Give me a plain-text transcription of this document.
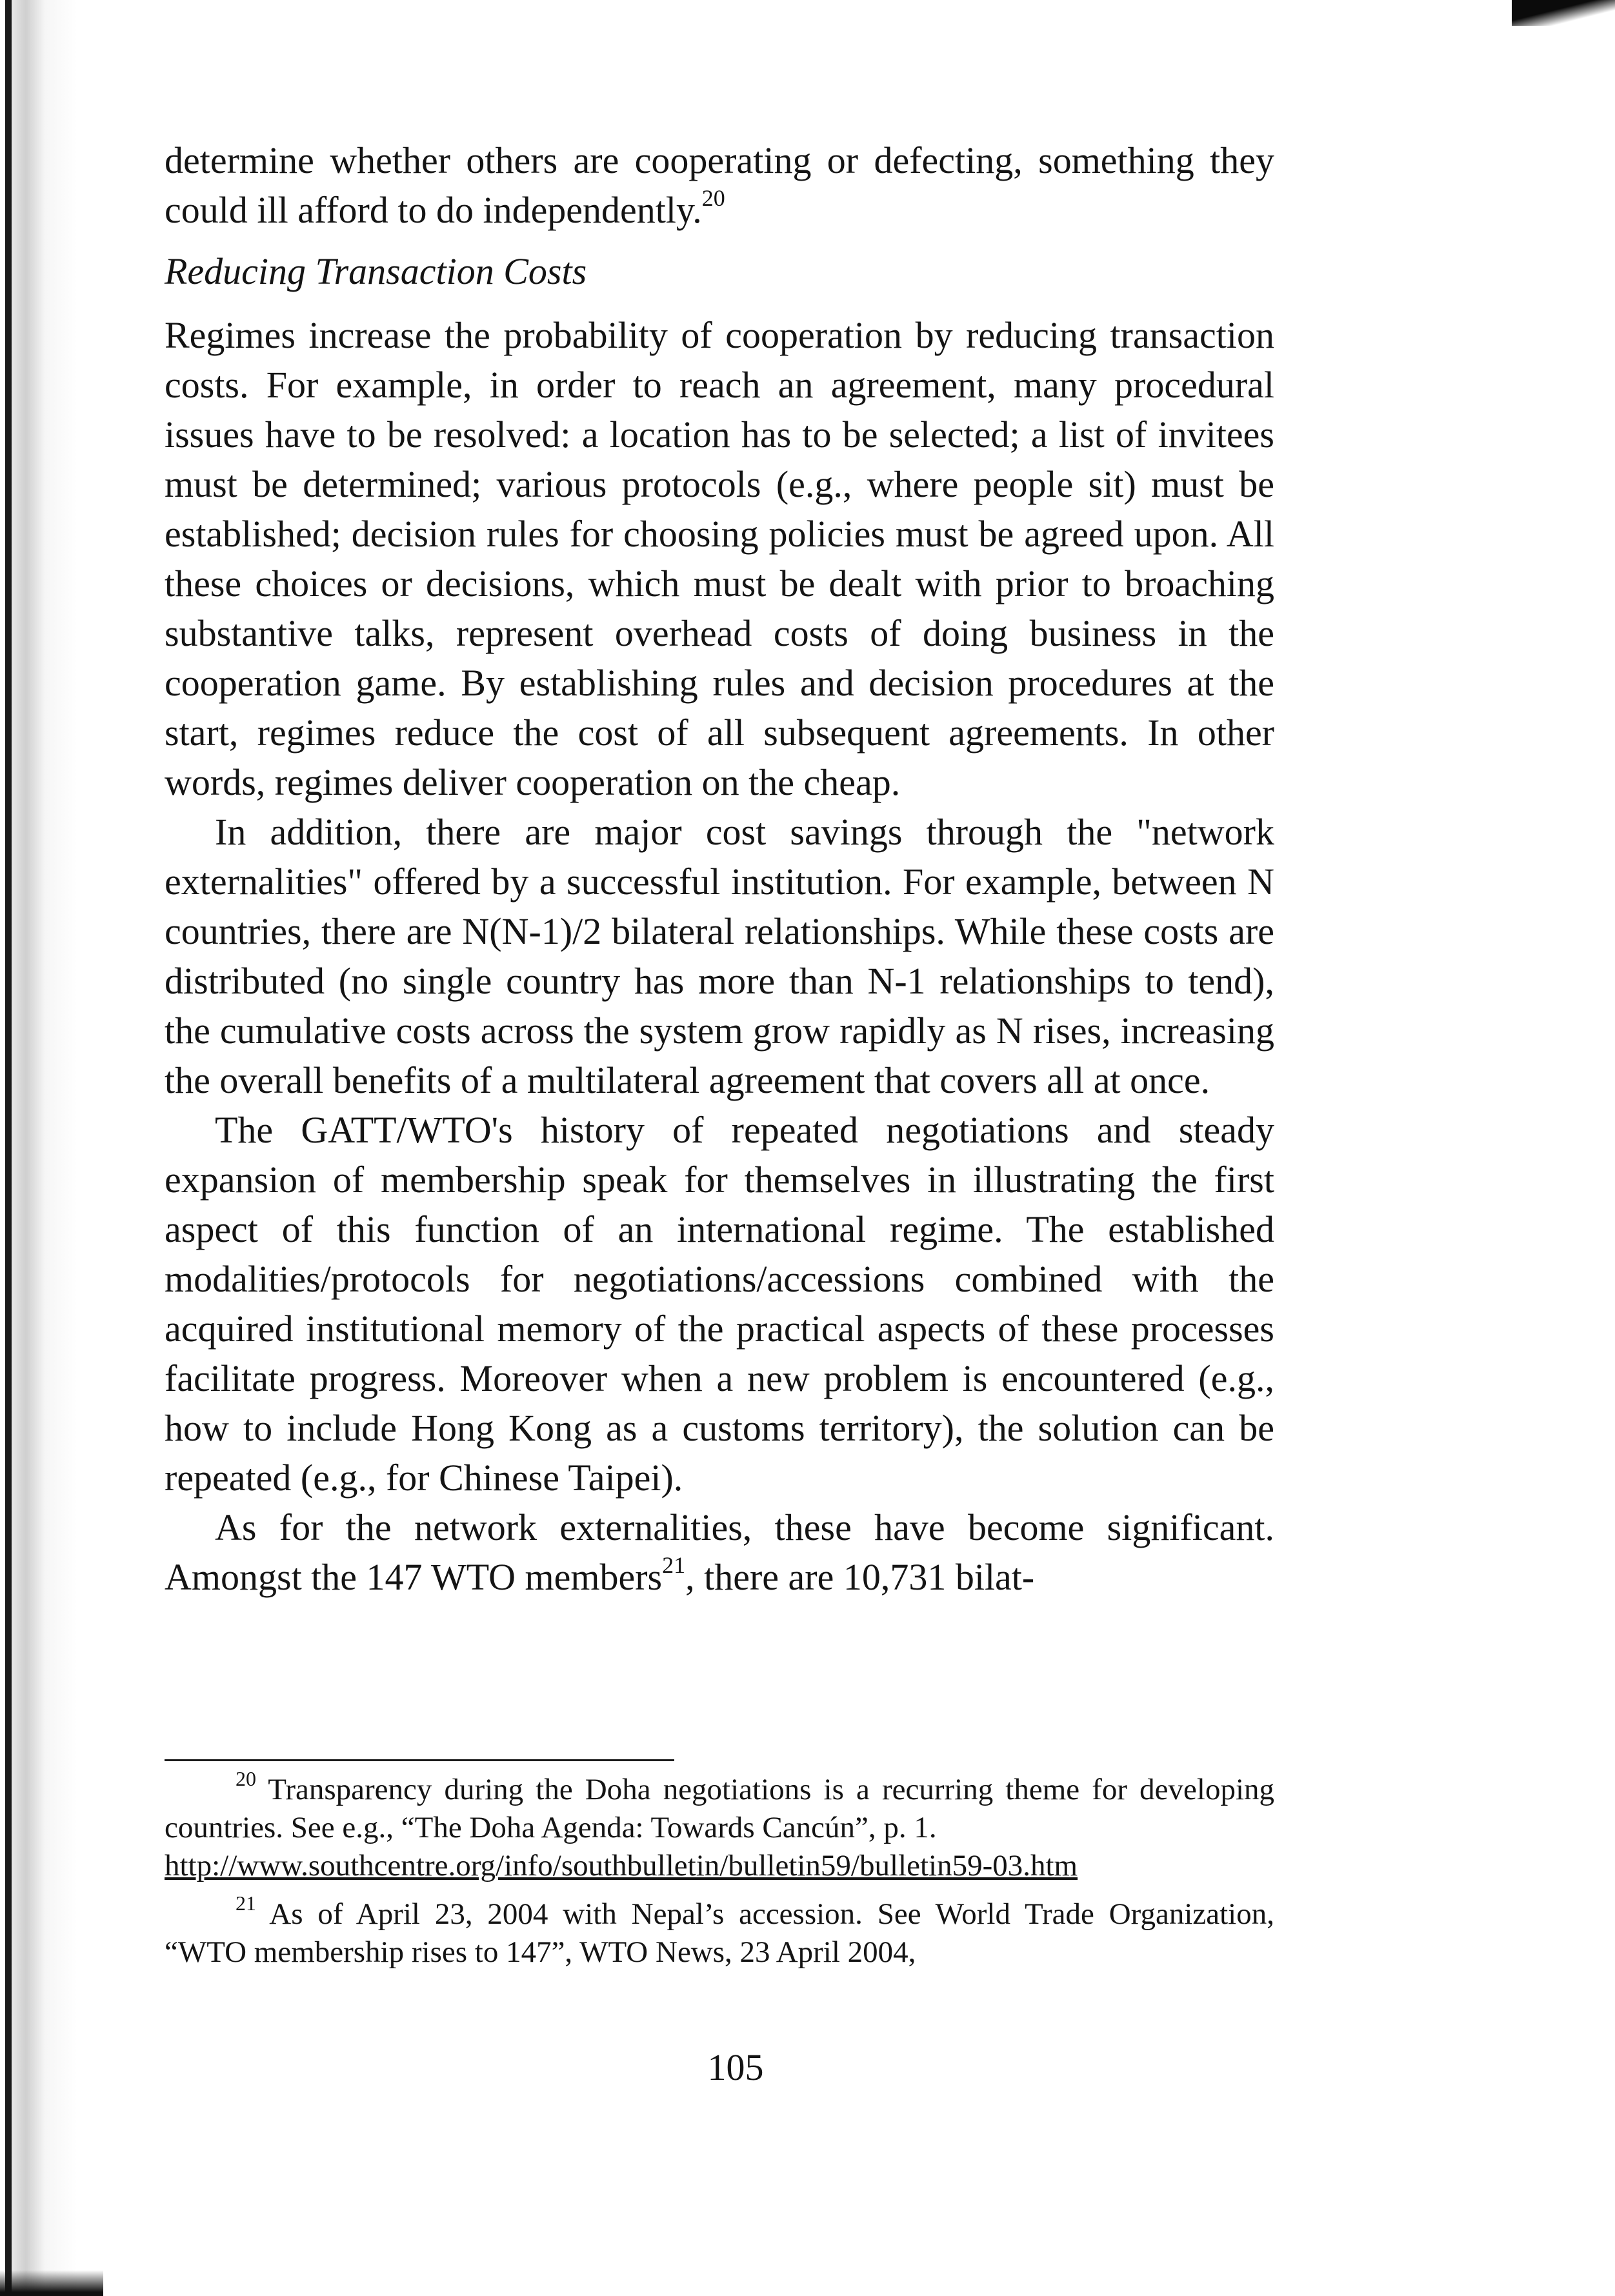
determine whether others are cooperating or defecting, something they could ill afford to do independently.$^{20}$

Reducing Transaction Costs

Regimes increase the probability of cooperation by reducing transaction costs. For example, in order to reach an agreement, many procedural issues have to be resolved: a location has to be selected; a list of invitees must be determined; various protocols (e.g., where people sit) must be established; decision rules for choosing policies must be agreed upon. All these choices or decisions, which must be dealt with prior to broaching substantive talks, represent overhead costs of doing business in the cooperation game. By establishing rules and decision procedures at the start, regimes reduce the cost of all subsequent agreements. In other words, regimes deliver cooperation on the cheap.

In addition, there are major cost savings through the "network externalities" offered by a successful institution. For example, between N countries, there are N(N-1)/2 bilateral relationships. While these costs are distributed (no single country has more than N-1 relationships to tend), the cumulative costs across the system grow rapidly as N rises, increasing the overall benefits of a multilateral agreement that covers all at once.

The GATT/WTO's history of repeated negotiations and steady expansion of membership speak for themselves in illustrating the first aspect of this function of an international regime. The established modalities/protocols for negotiations/accessions combined with the acquired institutional memory of the practical aspects of these processes facilitate progress. Moreover when a new problem is encountered (e.g., how to include Hong Kong as a customs territory), the solution can be repeated (e.g., for Chinese Taipei).

As for the network externalities, these have become significant. Amongst the 147 WTO members$^{21}$, there are 10,731 bilat-

$^{20}$ Transparency during the Doha negotiations is a recurring theme for developing countries. See e.g., “The Doha Agenda: Towards Cancún”, p. 1.
http://www.southcentre.org/info/southbulletin/bulletin59/bulletin59-03.htm

$^{21}$ As of April 23, 2004 with Nepal’s accession. See World Trade Organization, “WTO membership rises to 147”, WTO News, 23 April 2004,

105
